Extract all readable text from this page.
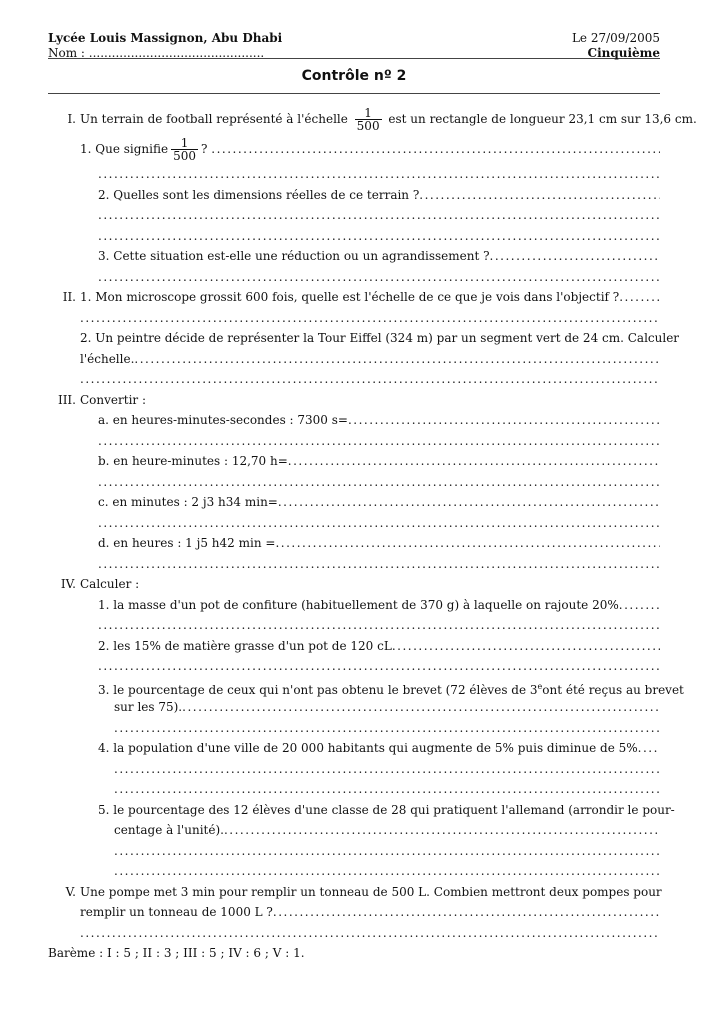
Lycée Louis Massignon, Abu Dhabi
Nom : ..............................................
Le 27/09/2005
Cinquième
Contrôle nº 2
I. Un terrain de football représenté à l'échelle $\frac{1}{500}$ est un rectangle de longueur 23,1 cm sur 13,6 cm.
1. Que signifie $\frac{1}{500}$ ?
.....
.....
2. Quelles sont les dimensions réelles de ce terrain ?
.....
.....
.....
3. Cette situation est-elle une réduction ou un agrandissement ?
.....
.....
II. 1. Mon microscope grossit 600 fois, quelle est l'échelle de ce que je vois dans l'objectif ?
.....
.....
2. Un peintre décide de représenter la Tour Eiffel (324 m) par un segment vert de 24 cm. Calculer
l'échelle.
.....
.....
III. Convertir :
a. en heures-minutes-secondes : 7300 s=
.....
.....
b. en heure-minutes : 12,70 h=
.....
.....
c. en minutes : 2 j3 h34 min=
.....
.....
d. en heures : 1 j5 h42 min =
.....
.....
IV. Calculer :
1. la masse d'un pot de confiture (habituellement de 370 g) à laquelle on rajoute 20%
.....
.....
2. les 15% de matière grasse d'un pot de 120 cL
.....
.....
3. le pourcentage de ceux qui n'ont pas obtenu le brevet (72 élèves de 3eont été reçus au brevet
sur les 75).
.....
.....
4. la population d'une ville de 20 000 habitants qui augmente de 5% puis diminue de 5%
.....
.....
.....
5. le pourcentage des 12 élèves d'une classe de 28 qui pratiquent l'allemand (arrondir le pour-
centage à l'unité).
.....
.....
.....
V. Une pompe met 3 min pour remplir un tonneau de 500 L. Combien mettront deux pompes pour
remplir un tonneau de 1000 L ?
.....
.....
Barème : I : 5 ; II : 3 ; III : 5 ; IV : 6 ; V : 1.
